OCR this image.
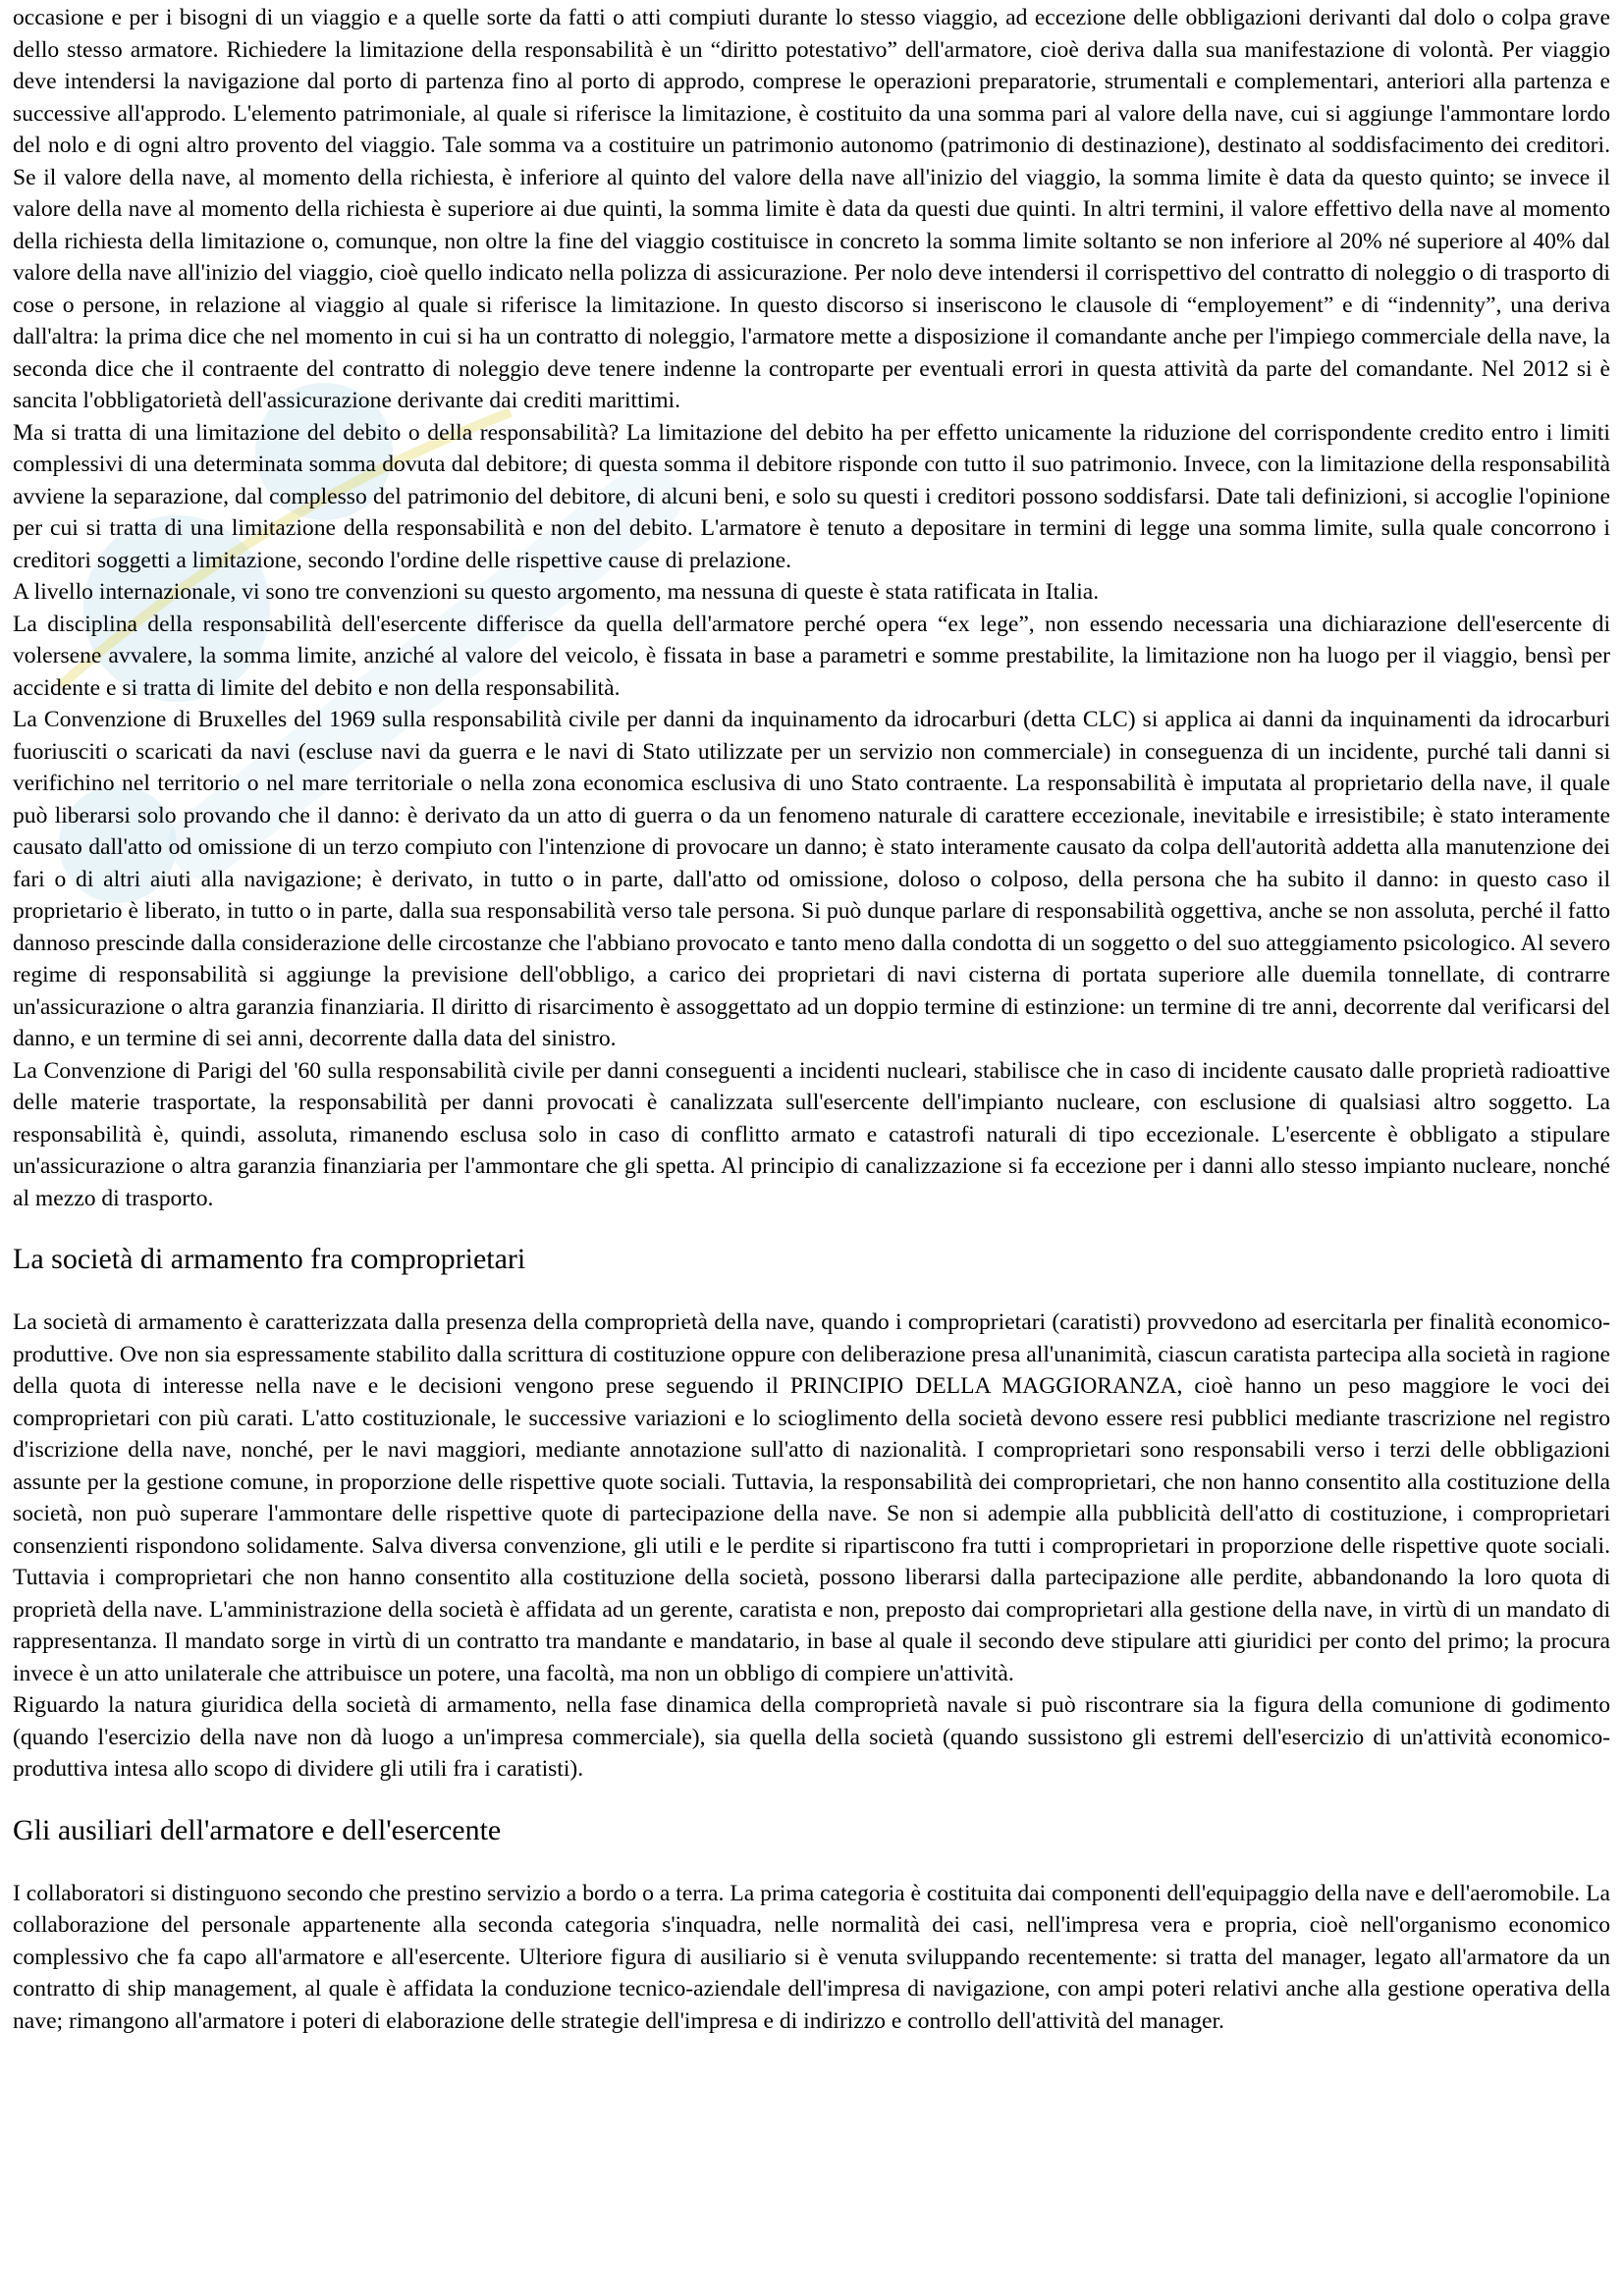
occasione e per i bisogni di un viaggio e a quelle sorte da fatti o atti compiuti durante lo stesso viaggio, ad eccezione delle obbligazioni derivanti dal dolo o colpa grave dello stesso armatore. Richiedere la limitazione della responsabilità è un “diritto potestativo” dell'armatore, cioè deriva dalla sua manifestazione di volontà. Per viaggio deve intendersi la navigazione dal porto di partenza fino al porto di approdo, comprese le operazioni preparatorie, strumentali e complementari, anteriori alla partenza e successive all'approdo. L'elemento patrimoniale, al quale si riferisce la limitazione, è costituito da una somma pari al valore della nave, cui si aggiunge l'ammontare lordo del nolo e di ogni altro provento del viaggio. Tale somma va a costituire un patrimonio autonomo (patrimonio di destinazione), destinato al soddisfacimento dei creditori. Se il valore della nave, al momento della richiesta, è inferiore al quinto del valore della nave all'inizio del viaggio, la somma limite è data da questo quinto; se invece il valore della nave al momento della richiesta è superiore ai due quinti, la somma limite è data da questi due quinti. In altri termini, il valore effettivo della nave al momento della richiesta della limitazione o, comunque, non oltre la fine del viaggio costituisce in concreto la somma limite soltanto se non inferiore al 20% né superiore al 40% dal valore della nave all'inizio del viaggio, cioè quello indicato nella polizza di assicurazione. Per nolo deve intendersi il corrispettivo del contratto di noleggio o di trasporto di cose o persone, in relazione al viaggio al quale si riferisce la limitazione. In questo discorso si inseriscono le clausole di “employement” e di “indennity”, una deriva dall'altra: la prima dice che nel momento in cui si ha un contratto di noleggio, l'armatore mette a disposizione il comandante anche per l'impiego commerciale della nave, la seconda dice che il contraente del contratto di noleggio deve tenere indenne la controparte per eventuali errori in questa attività da parte del comandante. Nel 2012 si è sancita l'obbligatorietà dell'assicurazione derivante dai crediti marittimi.

Ma si tratta di una limitazione del debito o della responsabilità? La limitazione del debito ha per effetto unicamente la riduzione del corrispondente credito entro i limiti complessivi di una determinata somma dovuta dal debitore; di questa somma il debitore risponde con tutto il suo patrimonio. Invece, con la limitazione della responsabilità avviene la separazione, dal complesso del patrimonio del debitore, di alcuni beni, e solo su questi i creditori possono soddisfarsi. Date tali definizioni, si accoglie l'opinione per cui si tratta di una limitazione della responsabilità e non del debito. L'armatore è tenuto a depositare in termini di legge una somma limite, sulla quale concorrono i creditori soggetti a limitazione, secondo l'ordine delle rispettive cause di prelazione.

A livello internazionale, vi sono tre convenzioni su questo argomento, ma nessuna di queste è stata ratificata in Italia.

La disciplina della responsabilità dell'esercente differisce da quella dell'armatore perché opera “ex lege”, non essendo necessaria una dichiarazione dell'esercente di volersene avvalere, la somma limite, anziché al valore del veicolo, è fissata in base a parametri e somme prestabilite, la limitazione non ha luogo per il viaggio, bensì per accidente e si tratta di limite del debito e non della responsabilità.

La Convenzione di Bruxelles del 1969 sulla responsabilità civile per danni da inquinamento da idrocarburi (detta CLC) si applica ai danni da inquinamenti da idrocarburi fuoriusciti o scaricati da navi (escluse navi da guerra e le navi di Stato utilizzate per un servizio non commerciale) in conseguenza di un incidente, purché tali danni si verifichino nel territorio o nel mare territoriale o nella zona economica esclusiva di uno Stato contraente. La responsabilità è imputata al proprietario della nave, il quale può liberarsi solo provando che il danno: è derivato da un atto di guerra o da un fenomeno naturale di carattere eccezionale, inevitabile e irresistibile; è stato interamente causato dall'atto od omissione di un terzo compiuto con l'intenzione di provocare un danno; è stato interamente causato da colpa dell'autorità addetta alla manutenzione dei fari o di altri aiuti alla navigazione; è derivato, in tutto o in parte, dall'atto od omissione, doloso o colposo, della persona che ha subito il danno: in questo caso il proprietario è liberato, in tutto o in parte, dalla sua responsabilità verso tale persona. Si può dunque parlare di responsabilità oggettiva, anche se non assoluta, perché il fatto dannoso prescinde dalla considerazione delle circostanze che l'abbiano provocato e tanto meno dalla condotta di un soggetto o del suo atteggiamento psicologico. Al severo regime di responsabilità si aggiunge la previsione dell'obbligo, a carico dei proprietari di navi cisterna di portata superiore alle duemila tonnellate, di contrarre un'assicurazione o altra garanzia finanziaria. Il diritto di risarcimento è assoggettato ad un doppio termine di estinzione: un termine di tre anni, decorrente dal verificarsi del danno, e un termine di sei anni, decorrente dalla data del sinistro.

La Convenzione di Parigi del '60 sulla responsabilità civile per danni conseguenti a incidenti nucleari, stabilisce che in caso di incidente causato dalle proprietà radioattive delle materie trasportate, la responsabilità per danni provocati è canalizzata sull'esercente dell'impianto nucleare, con esclusione di qualsiasi altro soggetto. La responsabilità è, quindi, assoluta, rimanendo esclusa solo in caso di conflitto armato e catastrofi naturali di tipo eccezionale. L'esercente è obbligato a stipulare un'assicurazione o altra garanzia finanziaria per l'ammontare che gli spetta. Al principio di canalizzazione si fa eccezione per i danni allo stesso impianto nucleare, nonché al mezzo di trasporto.

La società di armamento fra comproprietari

La società di armamento è caratterizzata dalla presenza della comproprietà della nave, quando i comproprietari (caratisti) provvedono ad esercitarla per finalità economico-produttive. Ove non sia espressamente stabilito dalla scrittura di costituzione oppure con deliberazione presa all'unanimità, ciascun caratista partecipa alla società in ragione della quota di interesse nella nave e le decisioni vengono prese seguendo il PRINCIPIO DELLA MAGGIORANZA, cioè hanno un peso maggiore le voci dei comproprietari con più carati. L'atto costituzionale, le successive variazioni e lo scioglimento della società devono essere resi pubblici mediante trascrizione nel registro d'iscrizione della nave, nonché, per le navi maggiori, mediante annotazione sull'atto di nazionalità. I comproprietari sono responsabili verso i terzi delle obbligazioni assunte per la gestione comune, in proporzione delle rispettive quote sociali. Tuttavia, la responsabilità dei comproprietari, che non hanno consentito alla costituzione della società, non può superare l'ammontare delle rispettive quote di partecipazione della nave. Se non si adempie alla pubblicità dell'atto di costituzione, i comproprietari consenzienti rispondono solidamente. Salva diversa convenzione, gli utili e le perdite si ripartiscono fra tutti i comproprietari in proporzione delle rispettive quote sociali. Tuttavia i comproprietari che non hanno consentito alla costituzione della società, possono liberarsi dalla partecipazione alle perdite, abbandonando la loro quota di proprietà della nave. L'amministrazione della società è affidata ad un gerente, caratista e non, preposto dai comproprietari alla gestione della nave, in virtù di un mandato di rappresentanza. Il mandato sorge in virtù di un contratto tra mandante e mandatario, in base al quale il secondo deve stipulare atti giuridici per conto del primo; la procura invece è un atto unilaterale che attribuisce un potere, una facoltà, ma non un obbligo di compiere un'attività.

Riguardo la natura giuridica della società di armamento, nella fase dinamica della comproprietà navale si può riscontrare sia la figura della comunione di godimento (quando l'esercizio della nave non dà luogo a un'impresa commerciale), sia quella della società (quando sussistono gli estremi dell'esercizio di un'attività economico-produttiva intesa allo scopo di dividere gli utili fra i caratisti).

Gli ausiliari dell'armatore e dell'esercente

I collaboratori si distinguono secondo che prestino servizio a bordo o a terra. La prima categoria è costituita dai componenti dell'equipaggio della nave e dell'aeromobile. La collaborazione del personale appartenente alla seconda categoria s'inquadra, nelle normalità dei casi, nell'impresa vera e propria, cioè nell'organismo economico complessivo che fa capo all'armatore e all'esercente. Ulteriore figura di ausiliario si è venuta sviluppando recentemente: si tratta del manager, legato all'armatore da un contratto di ship management, al quale è affidata la conduzione tecnico-aziendale dell'impresa di navigazione, con ampi poteri relativi anche alla gestione operativa della nave; rimangono all'armatore i poteri di elaborazione delle strategie dell'impresa e di indirizzo e controllo dell'attività del manager.
